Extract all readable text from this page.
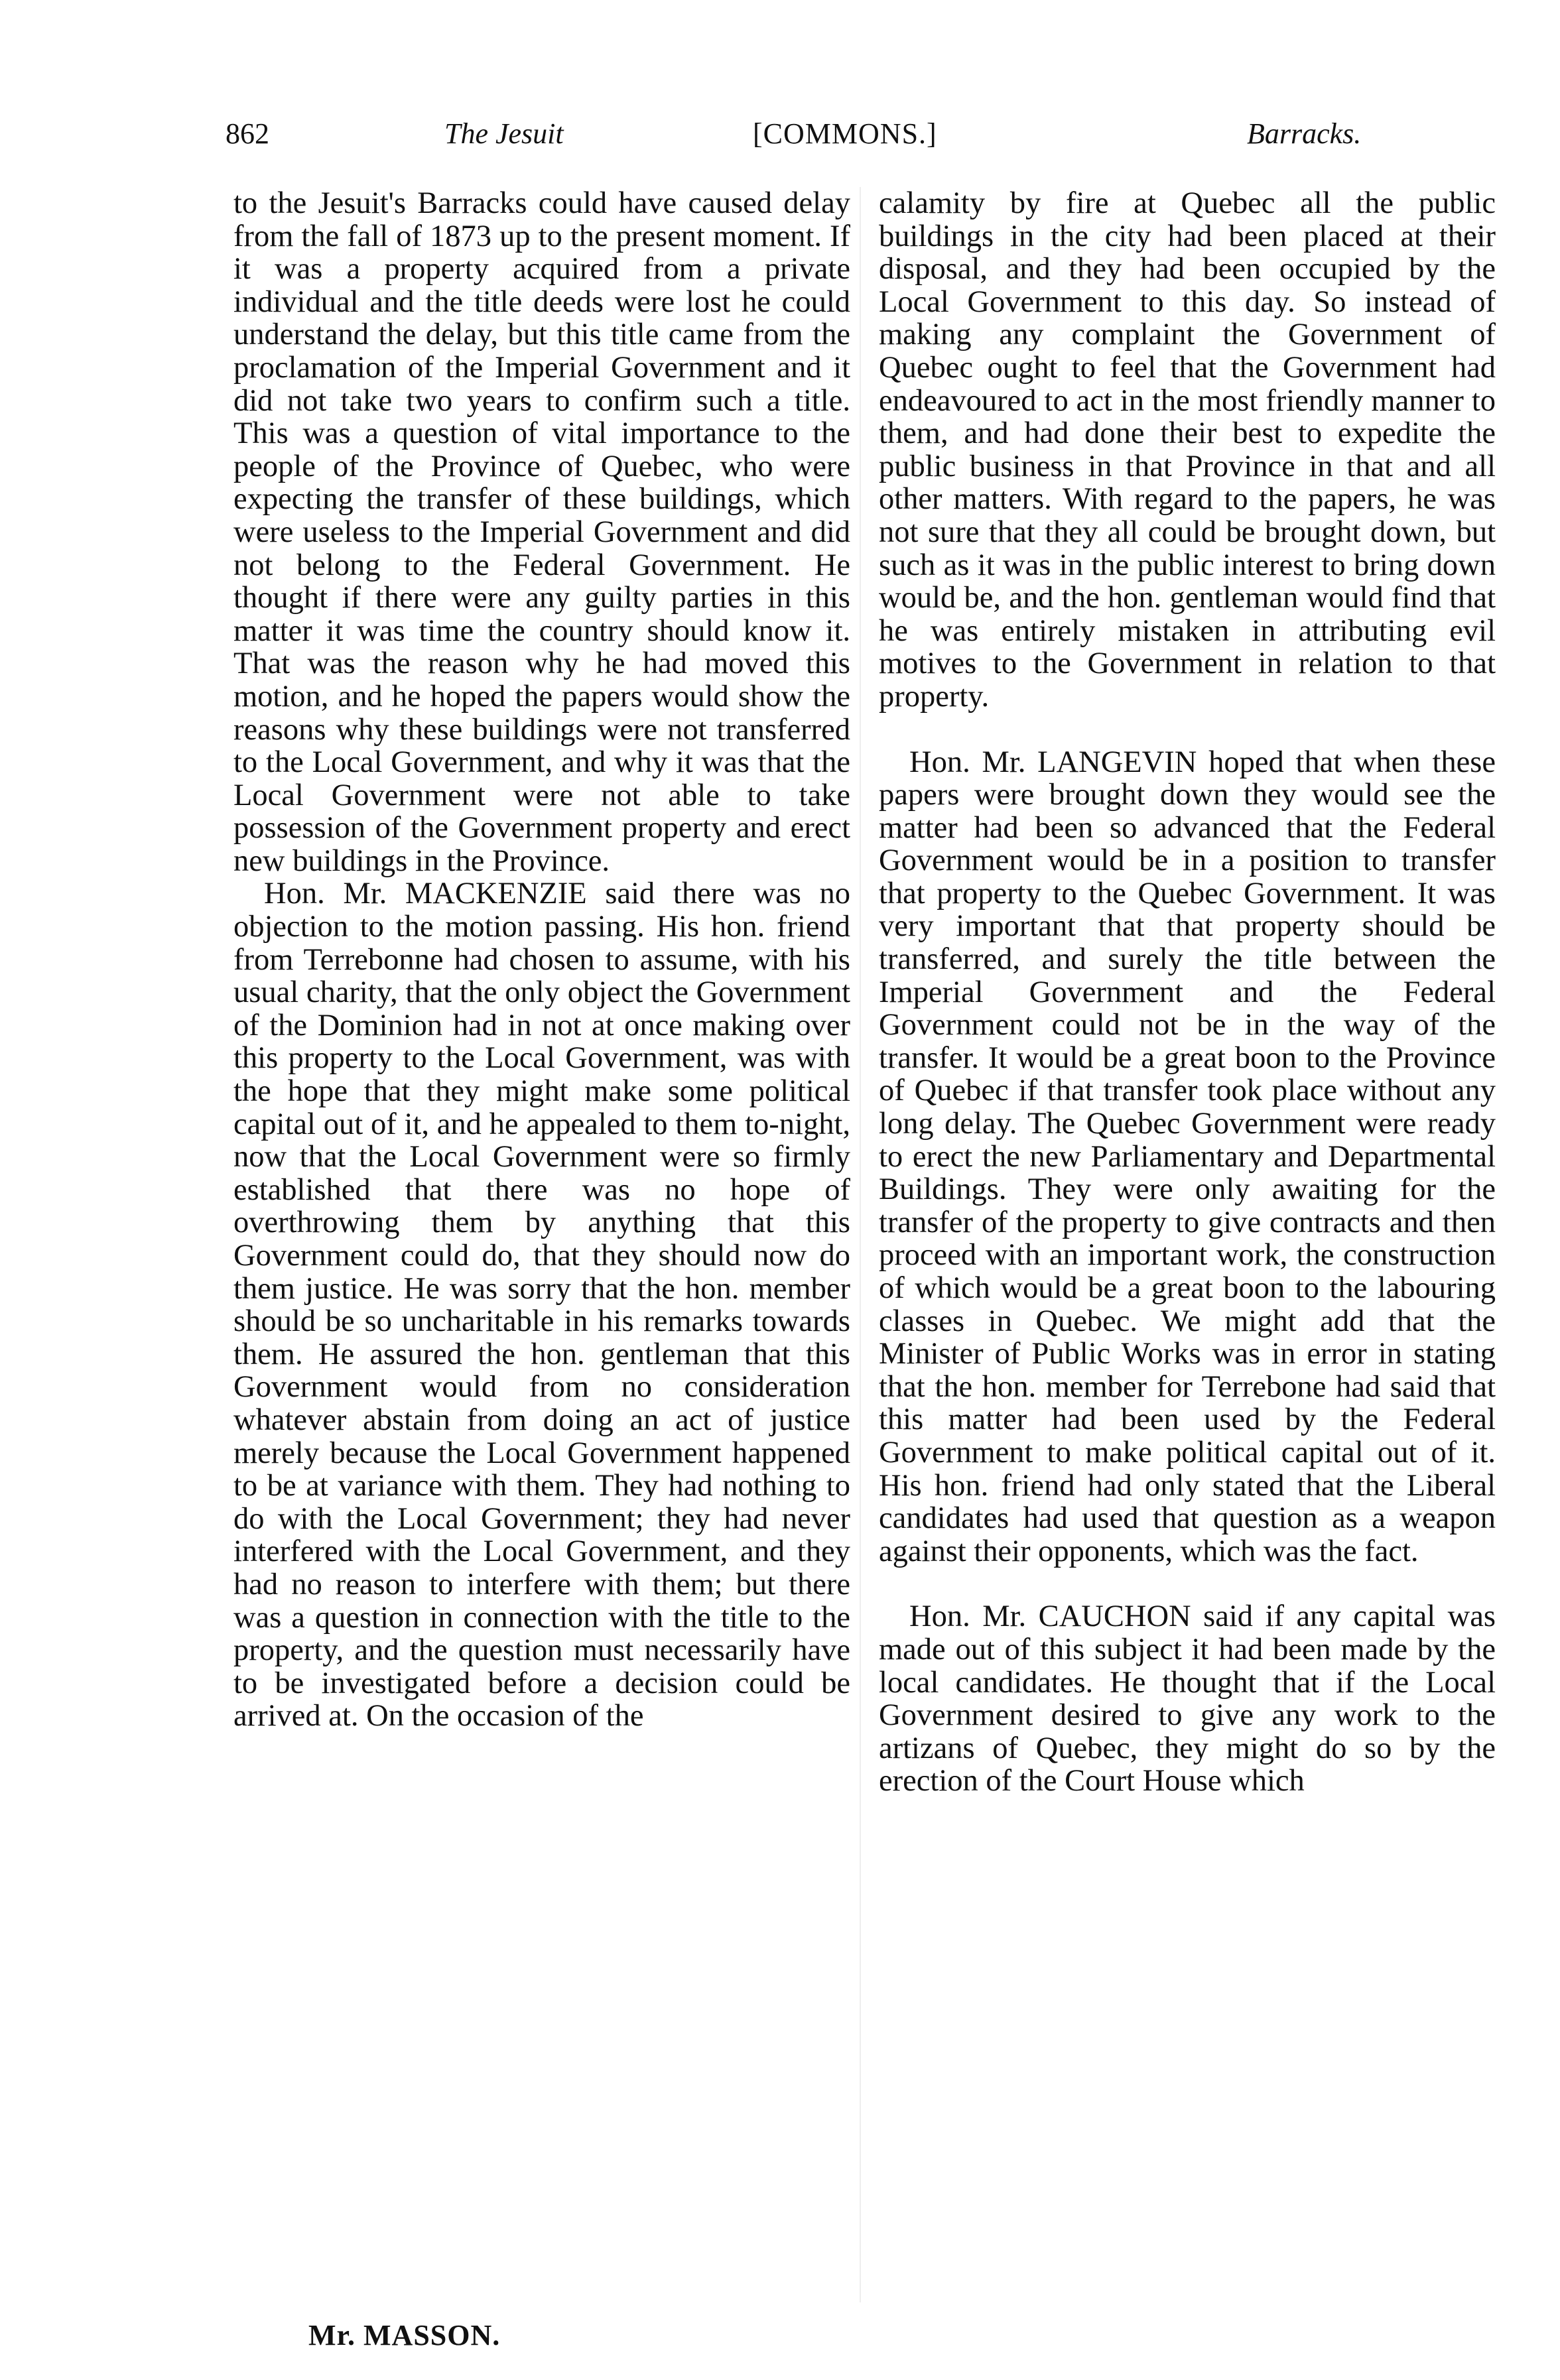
862	The Jesuit	[COMMONS.]	Barracks.

to the Jesuit's Barracks could have caused delay from the fall of 1873 up to the present moment. If it was a property acquired from a private individual and the title deeds were lost he could understand the delay, but this title came from the proclamation of the Imperial Government and it did not take two years to confirm such a title. This was a question of vital importance to the people of the Province of Quebec, who were expecting the transfer of these buildings, which were useless to the Imperial Government and did not belong to the Federal Government. He thought if there were any guilty parties in this matter it was time the country should know it. That was the reason why he had moved this motion, and he hoped the papers would show the reasons why these buildings were not transferred to the Local Government, and why it was that the Local Government were not able to take possession of the Government property and erect new buildings in the Province.

Hon. Mr. MACKENZIE said there was no objection to the motion passing. His hon. friend from Terrebonne had chosen to assume, with his usual charity, that the only object the Government of the Dominion had in not at once making over this property to the Local Government, was with the hope that they might make some political capital out of it, and he appealed to them to-night, now that the Local Government were so firmly established that there was no hope of overthrowing them by anything that this Government could do, that they should now do them justice. He was sorry that the hon. member should be so uncharitable in his remarks towards them. He assured the hon. gentleman that this Government would from no consideration whatever abstain from doing an act of justice merely because the Local Government happened to be at variance with them. They had nothing to do with the Local Government; they had never interfered with the Local Government, and they had no reason to interfere with them; but there was a question in connection with the title to the property, and the question must necessarily have to be investigated before a decision could be arrived at. On the occasion of the

calamity by fire at Quebec all the public buildings in the city had been placed at their disposal, and they had been occupied by the Local Government to this day. So instead of making any complaint the Government of Quebec ought to feel that the Government had endeavoured to act in the most friendly manner to them, and had done their best to expedite the public business in that Province in that and all other matters. With regard to the papers, he was not sure that they all could be brought down, but such as it was in the public interest to bring down would be, and the hon. gentleman would find that he was entirely mistaken in attributing evil motives to the Government in relation to that property.

Hon. Mr. LANGEVIN hoped that when these papers were brought down they would see the matter had been so advanced that the Federal Government would be in a position to transfer that property to the Quebec Government. It was very important that that property should be transferred, and surely the title between the Imperial Government and the Federal Government could not be in the way of the transfer. It would be a great boon to the Province of Quebec if that transfer took place without any long delay. The Quebec Government were ready to erect the new Parliamentary and Departmental Buildings. They were only awaiting for the transfer of the property to give contracts and then proceed with an important work, the construction of which would be a great boon to the labouring classes in Quebec. We might add that the Minister of Public Works was in error in stating that the hon. member for Terrebone had said that this matter had been used by the Federal Government to make political capital out of it. His hon. friend had only stated that the Liberal candidates had used that question as a weapon against their opponents, which was the fact.

Hon. Mr. CAUCHON said if any capital was made out of this subject it had been made by the local candidates. He thought that if the Local Government desired to give any work to the artizans of Quebec, they might do so by the erection of the Court House which

Mr. MASSON.
